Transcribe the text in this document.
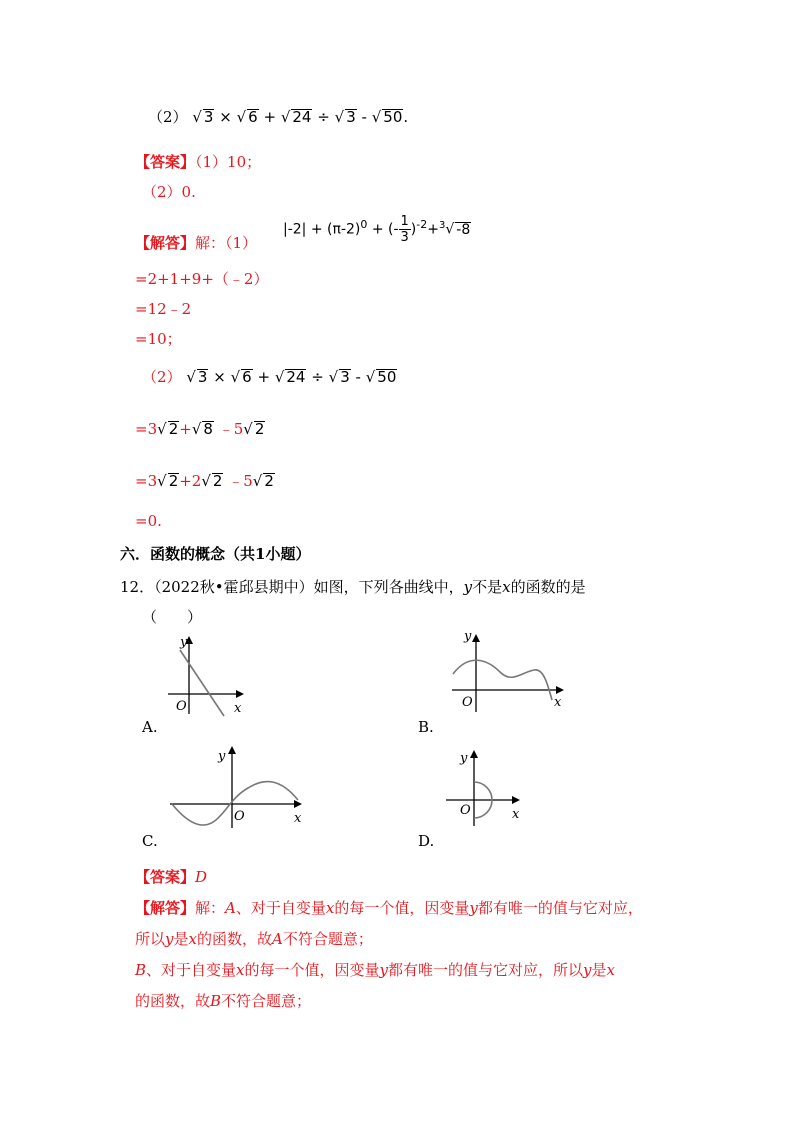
（2） √ 3 × √ 6 + √ 24 ÷ √ 3 - √ 50.
【答案】（1）10；
（2）0.
【解答】解：（1）
$|-2| + (\pi-2)^0$ + (- $\frac{1}{3} )^{-2}+^3√$ -8
=2+1+9+（﹣2）
=12﹣2
=10；
（2） √ 3 × √ 6 + √ 24 ÷ √ 3 - √ 50
=3√ 2+√ 8 ﹣5√ 2
=3√ 2+2√ 2 ﹣5√ 2
=0.
六．函数的概念（共1小题）
12．（2022秋•霍邱县期中）如图，下列各曲线中，y不是x的函数的是
（　　）
y
x
O
A.
y
x
O
B.
y
x
O
C.
y
x
O
D.
【答案】D
【解答】解：A、对于自变量x的每一个值，因变量y都有唯一的值与它对应，
所以y是x的函数，故A不符合题意；
B、对于自变量x的每一个值，因变量y都有唯一的值与它对应，所以y是x
的函数，故B不符合题意；
